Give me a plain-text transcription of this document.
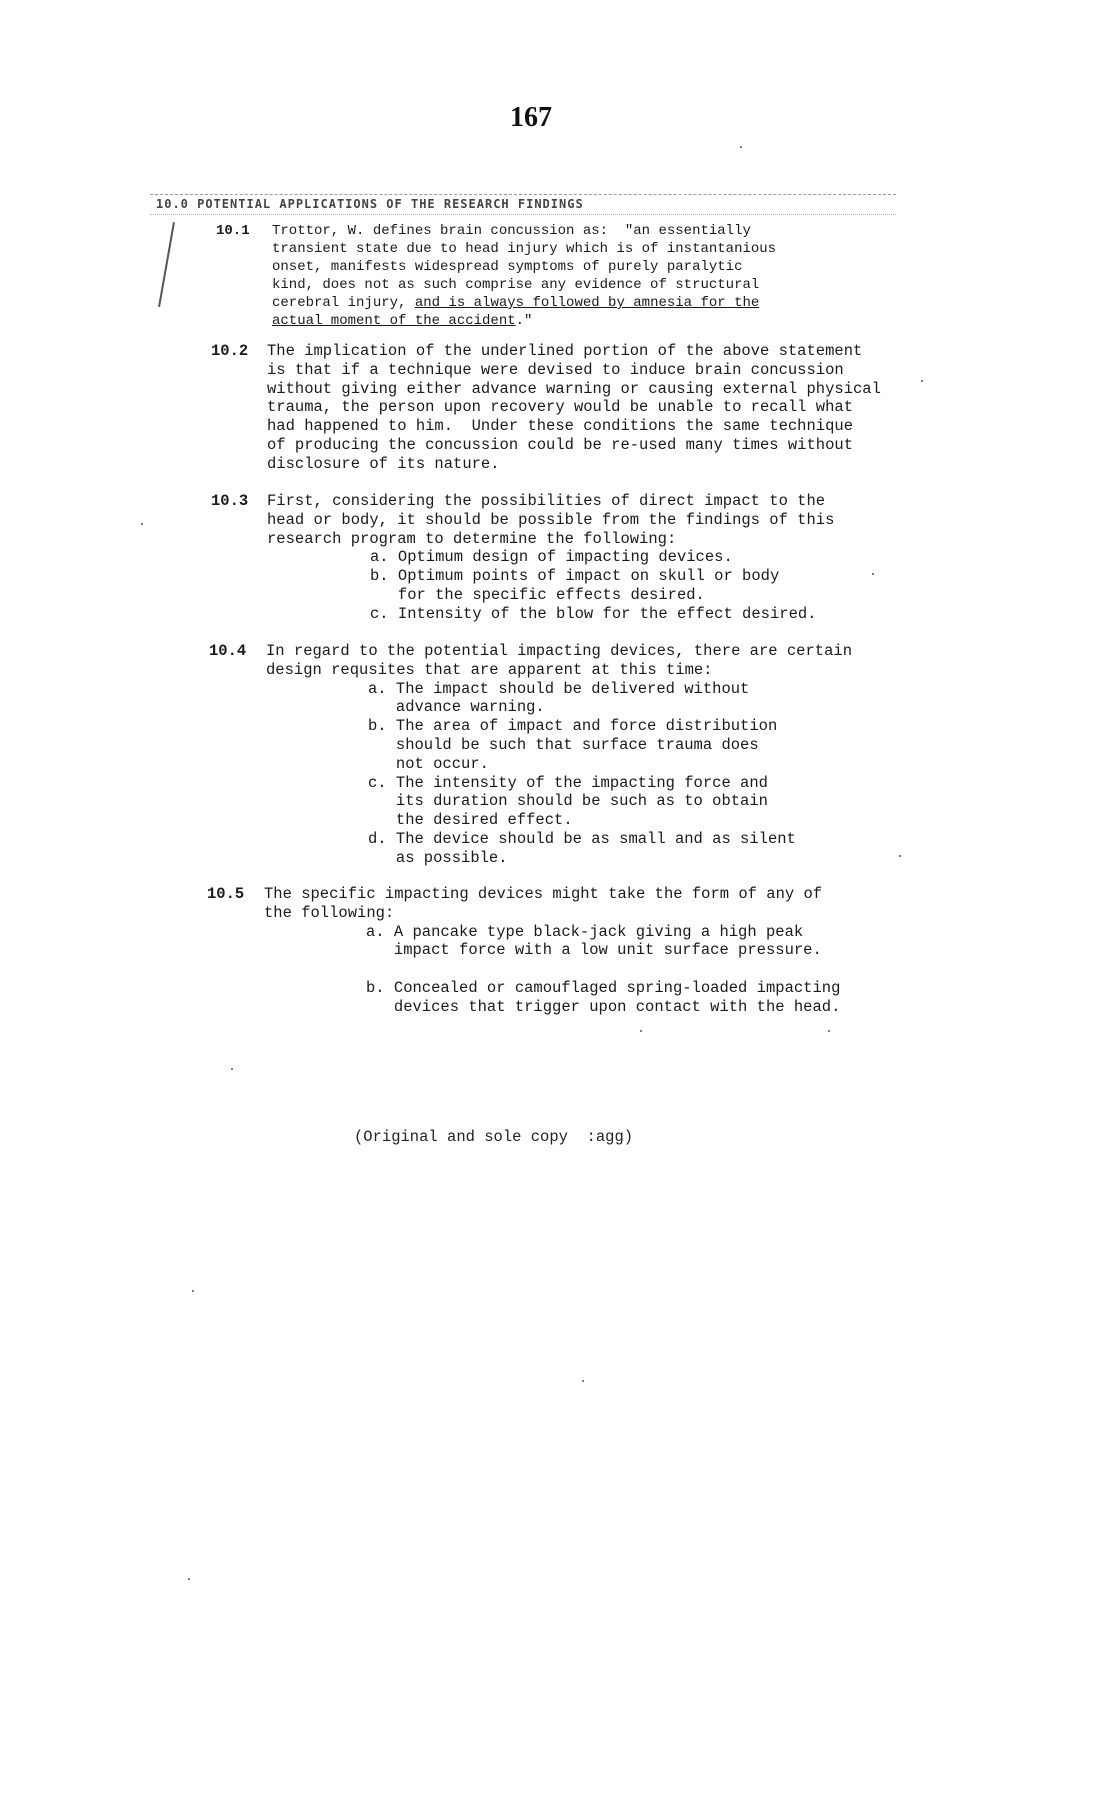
167
10.0 POTENTIAL APPLICATIONS OF THE RESEARCH FINDINGS
10.1 Trottor, W. defines brain concussion as:  "an essentially
transient state due to head injury which is of instantanious
onset, manifests widespread symptoms of purely paralytic
kind, does not as such comprise any evidence of structural
cerebral injury, and is always followed by amnesia for the
actual moment of the accident."
10.2 The implication of the underlined portion of the above statement
is that if a technique were devised to induce brain concussion
without giving either advance warning or causing external physical
trauma, the person upon recovery would be unable to recall what
had happened to him.  Under these conditions the same technique
of producing the concussion could be re-used many times without
disclosure of its nature.
10.3 First, considering the possibilities of direct impact to the
head or body, it should be possible from the findings of this
research program to determine the following:
a. Optimum design of impacting devices.
b. Optimum points of impact on skull or body
for the specific effects desired.
c. Intensity of the blow for the effect desired.
10.4 In regard to the potential impacting devices, there are certain
design requsites that are apparent at this time:
a. The impact should be delivered without
advance warning.
b. The area of impact and force distribution
should be such that surface trauma does
not occur.
c. The intensity of the impacting force and
its duration should be such as to obtain
the desired effect.
d. The device should be as small and as silent
as possible.
10.5 The specific impacting devices might take the form of any of
the following:
a. A pancake type black-jack giving a high peak
impact force with a low unit surface pressure.
b. Concealed or camouflaged spring-loaded impacting
devices that trigger upon contact with the head.
(Original and sole copy  :agg)
